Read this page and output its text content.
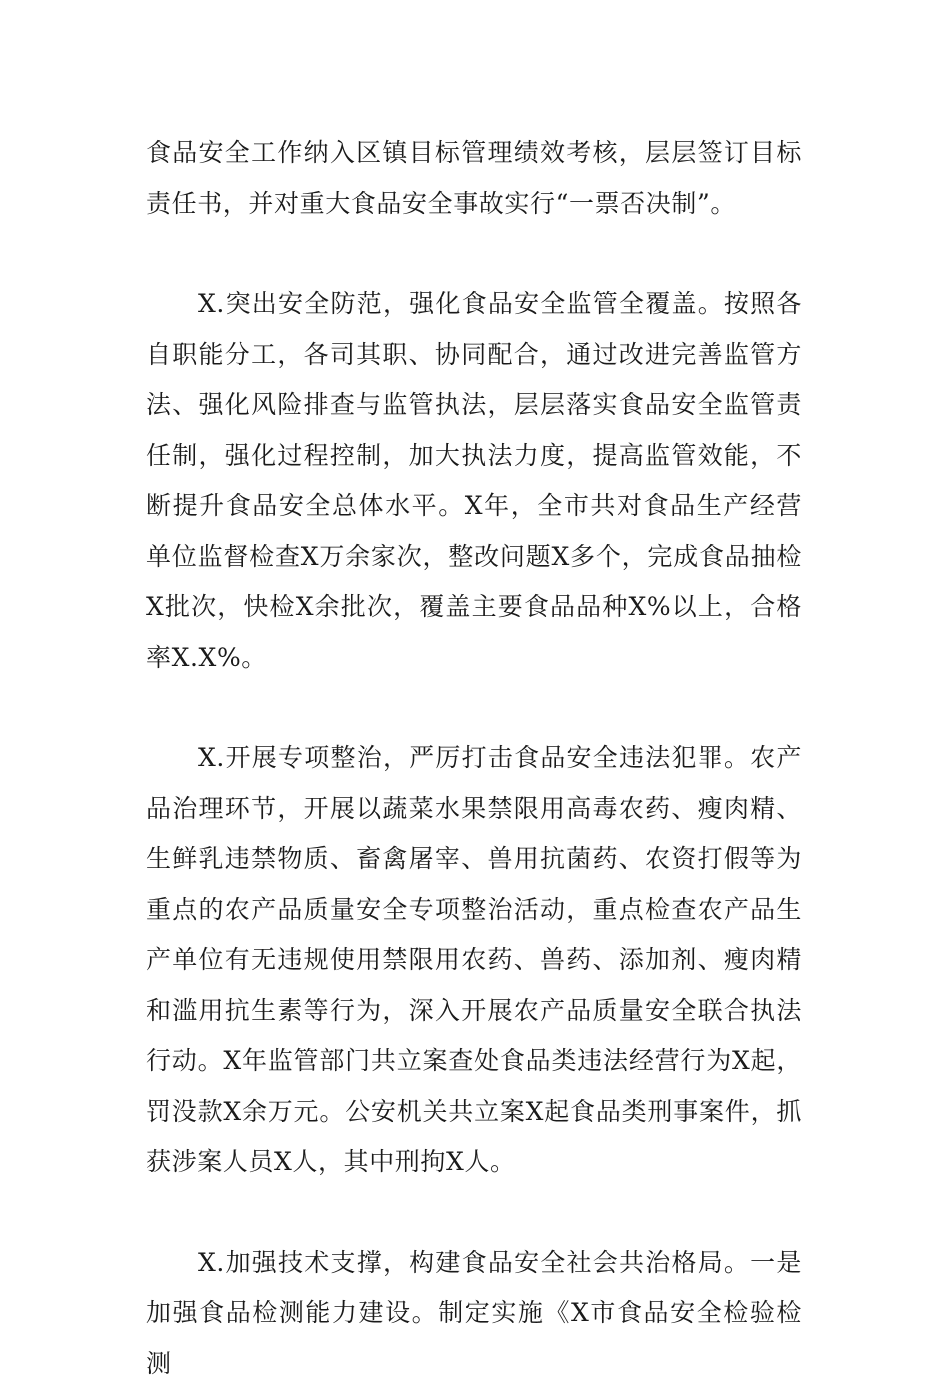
食品安全工作纳入区镇目标管理绩效考核，层层签订目标责任书，并对重大食品安全事故实行“一票否决制”。

X.突出安全防范，强化食品安全监管全覆盖。按照各自职能分工，各司其职、协同配合，通过改进完善监管方法、强化风险排查与监管执法，层层落实食品安全监管责任制，强化过程控制，加大执法力度，提高监管效能，不断提升食品安全总体水平。X年，全市共对食品生产经营单位监督检查X万余家次，整改问题X多个，完成食品抽检X批次，快检X余批次，覆盖主要食品品种X%以上，合格率X.X%。

X.开展专项整治，严厉打击食品安全违法犯罪。农产品治理环节，开展以蔬菜水果禁限用高毒农药、瘦肉精、生鲜乳违禁物质、畜禽屠宰、兽用抗菌药、农资打假等为重点的农产品质量安全专项整治活动，重点检查农产品生产单位有无违规使用禁限用农药、兽药、添加剂、瘦肉精和滥用抗生素等行为，深入开展农产品质量安全联合执法行动。X年监管部门共立案查处食品类违法经营行为X起，罚没款X余万元。公安机关共立案X起食品类刑事案件，抓获涉案人员X人，其中刑拘X人。

X.加强技术支撑，构建食品安全社会共治格局。一是加强食品检测能力建设。制定实施《X市食品安全检验检测
